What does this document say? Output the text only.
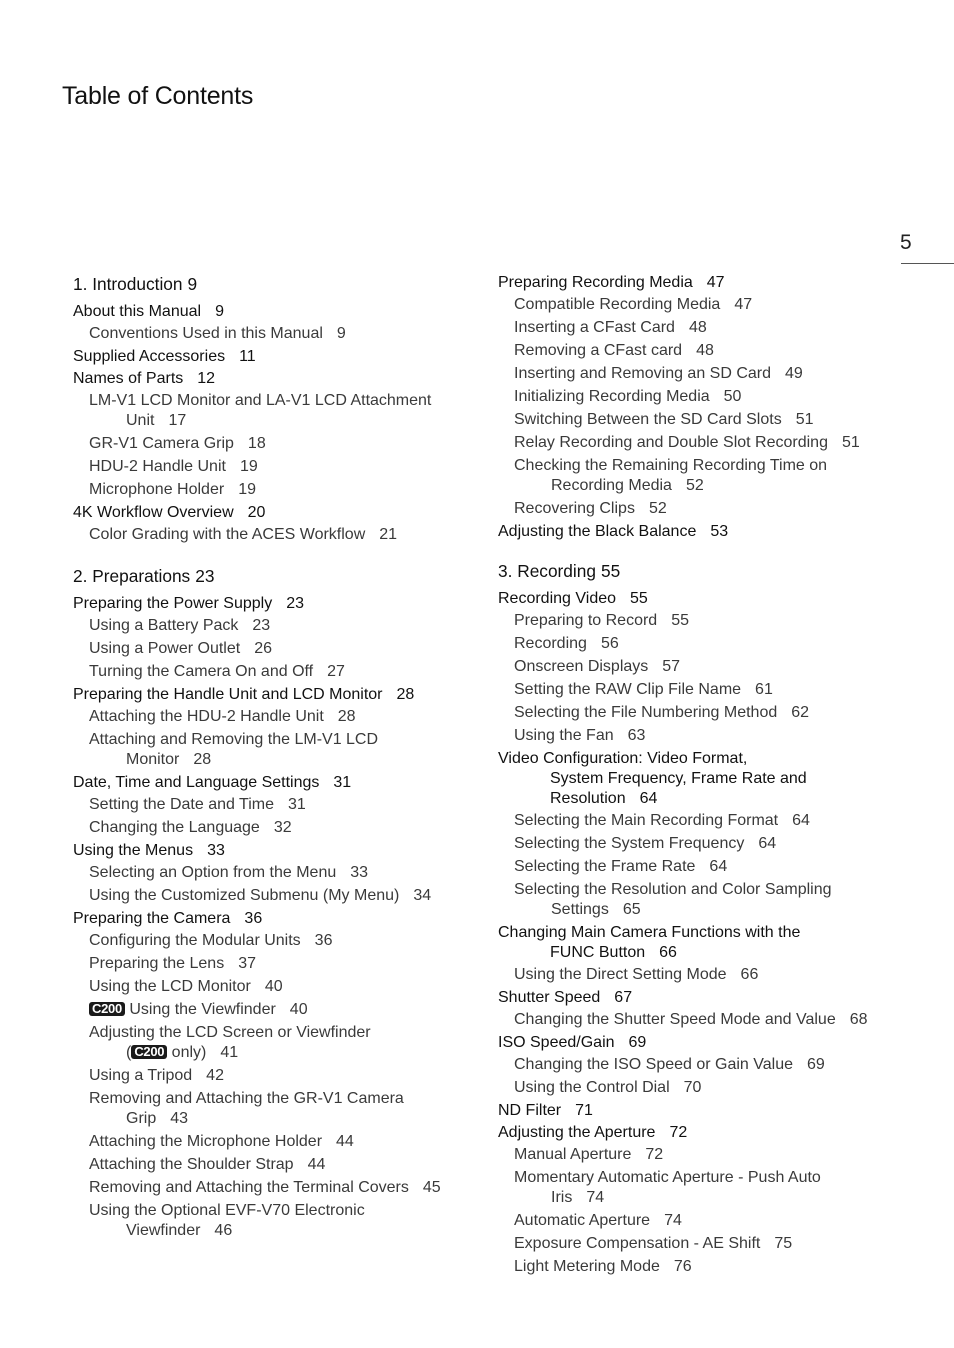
Table of Contents
5
1. Introduction 9
About this Manual 9
Conventions Used in this Manual 9
Supplied Accessories 11
Names of Parts 12
LM-V1 LCD Monitor and LA-V1 LCD Attachment
Unit 17
GR-V1 Camera Grip 18
HDU-2 Handle Unit 19
Microphone Holder 19
4K Workflow Overview 20
Color Grading with the ACES Workflow 21
2. Preparations 23
Preparing the Power Supply 23
Using a Battery Pack 23
Using a Power Outlet 26
Turning the Camera On and Off 27
Preparing the Handle Unit and LCD Monitor 28
Attaching the HDU-2 Handle Unit 28
Attaching and Removing the LM-V1 LCD
Monitor 28
Date, Time and Language Settings 31
Setting the Date and Time 31
Changing the Language 32
Using the Menus 33
Selecting an Option from the Menu 33
Using the Customized Submenu (My Menu) 34
Preparing the Camera 36
Configuring the Modular Units 36
Preparing the Lens 37
Using the LCD Monitor 40
C200 Using the Viewfinder 40
Adjusting the LCD Screen or Viewfinder
( C200 only) 41
Using a Tripod 42
Removing and Attaching the GR-V1 Camera
Grip 43
Attaching the Microphone Holder 44
Attaching the Shoulder Strap 44
Removing and Attaching the Terminal Covers 45
Using the Optional EVF-V70 Electronic
Viewfinder 46
Preparing Recording Media 47
Compatible Recording Media 47
Inserting a CFast Card 48
Removing a CFast card 48
Inserting and Removing an SD Card 49
Initializing Recording Media 50
Switching Between the SD Card Slots 51
Relay Recording and Double Slot Recording 51
Checking the Remaining Recording Time on
Recording Media 52
Recovering Clips 52
Adjusting the Black Balance 53
3. Recording 55
Recording Video 55
Preparing to Record 55
Recording 56
Onscreen Displays 57
Setting the RAW Clip File Name 61
Selecting the File Numbering Method 62
Using the Fan 63
Video Configuration: Video Format,
System Frequency, Frame Rate and
Resolution 64
Selecting the Main Recording Format 64
Selecting the System Frequency 64
Selecting the Frame Rate 64
Selecting the Resolution and Color Sampling
Settings 65
Changing Main Camera Functions with the
FUNC Button 66
Using the Direct Setting Mode 66
Shutter Speed 67
Changing the Shutter Speed Mode and Value 68
ISO Speed/Gain 69
Changing the ISO Speed or Gain Value 69
Using the Control Dial 70
ND Filter 71
Adjusting the Aperture 72
Manual Aperture 72
Momentary Automatic Aperture - Push Auto
Iris 74
Automatic Aperture 74
Exposure Compensation - AE Shift 75
Light Metering Mode 76
